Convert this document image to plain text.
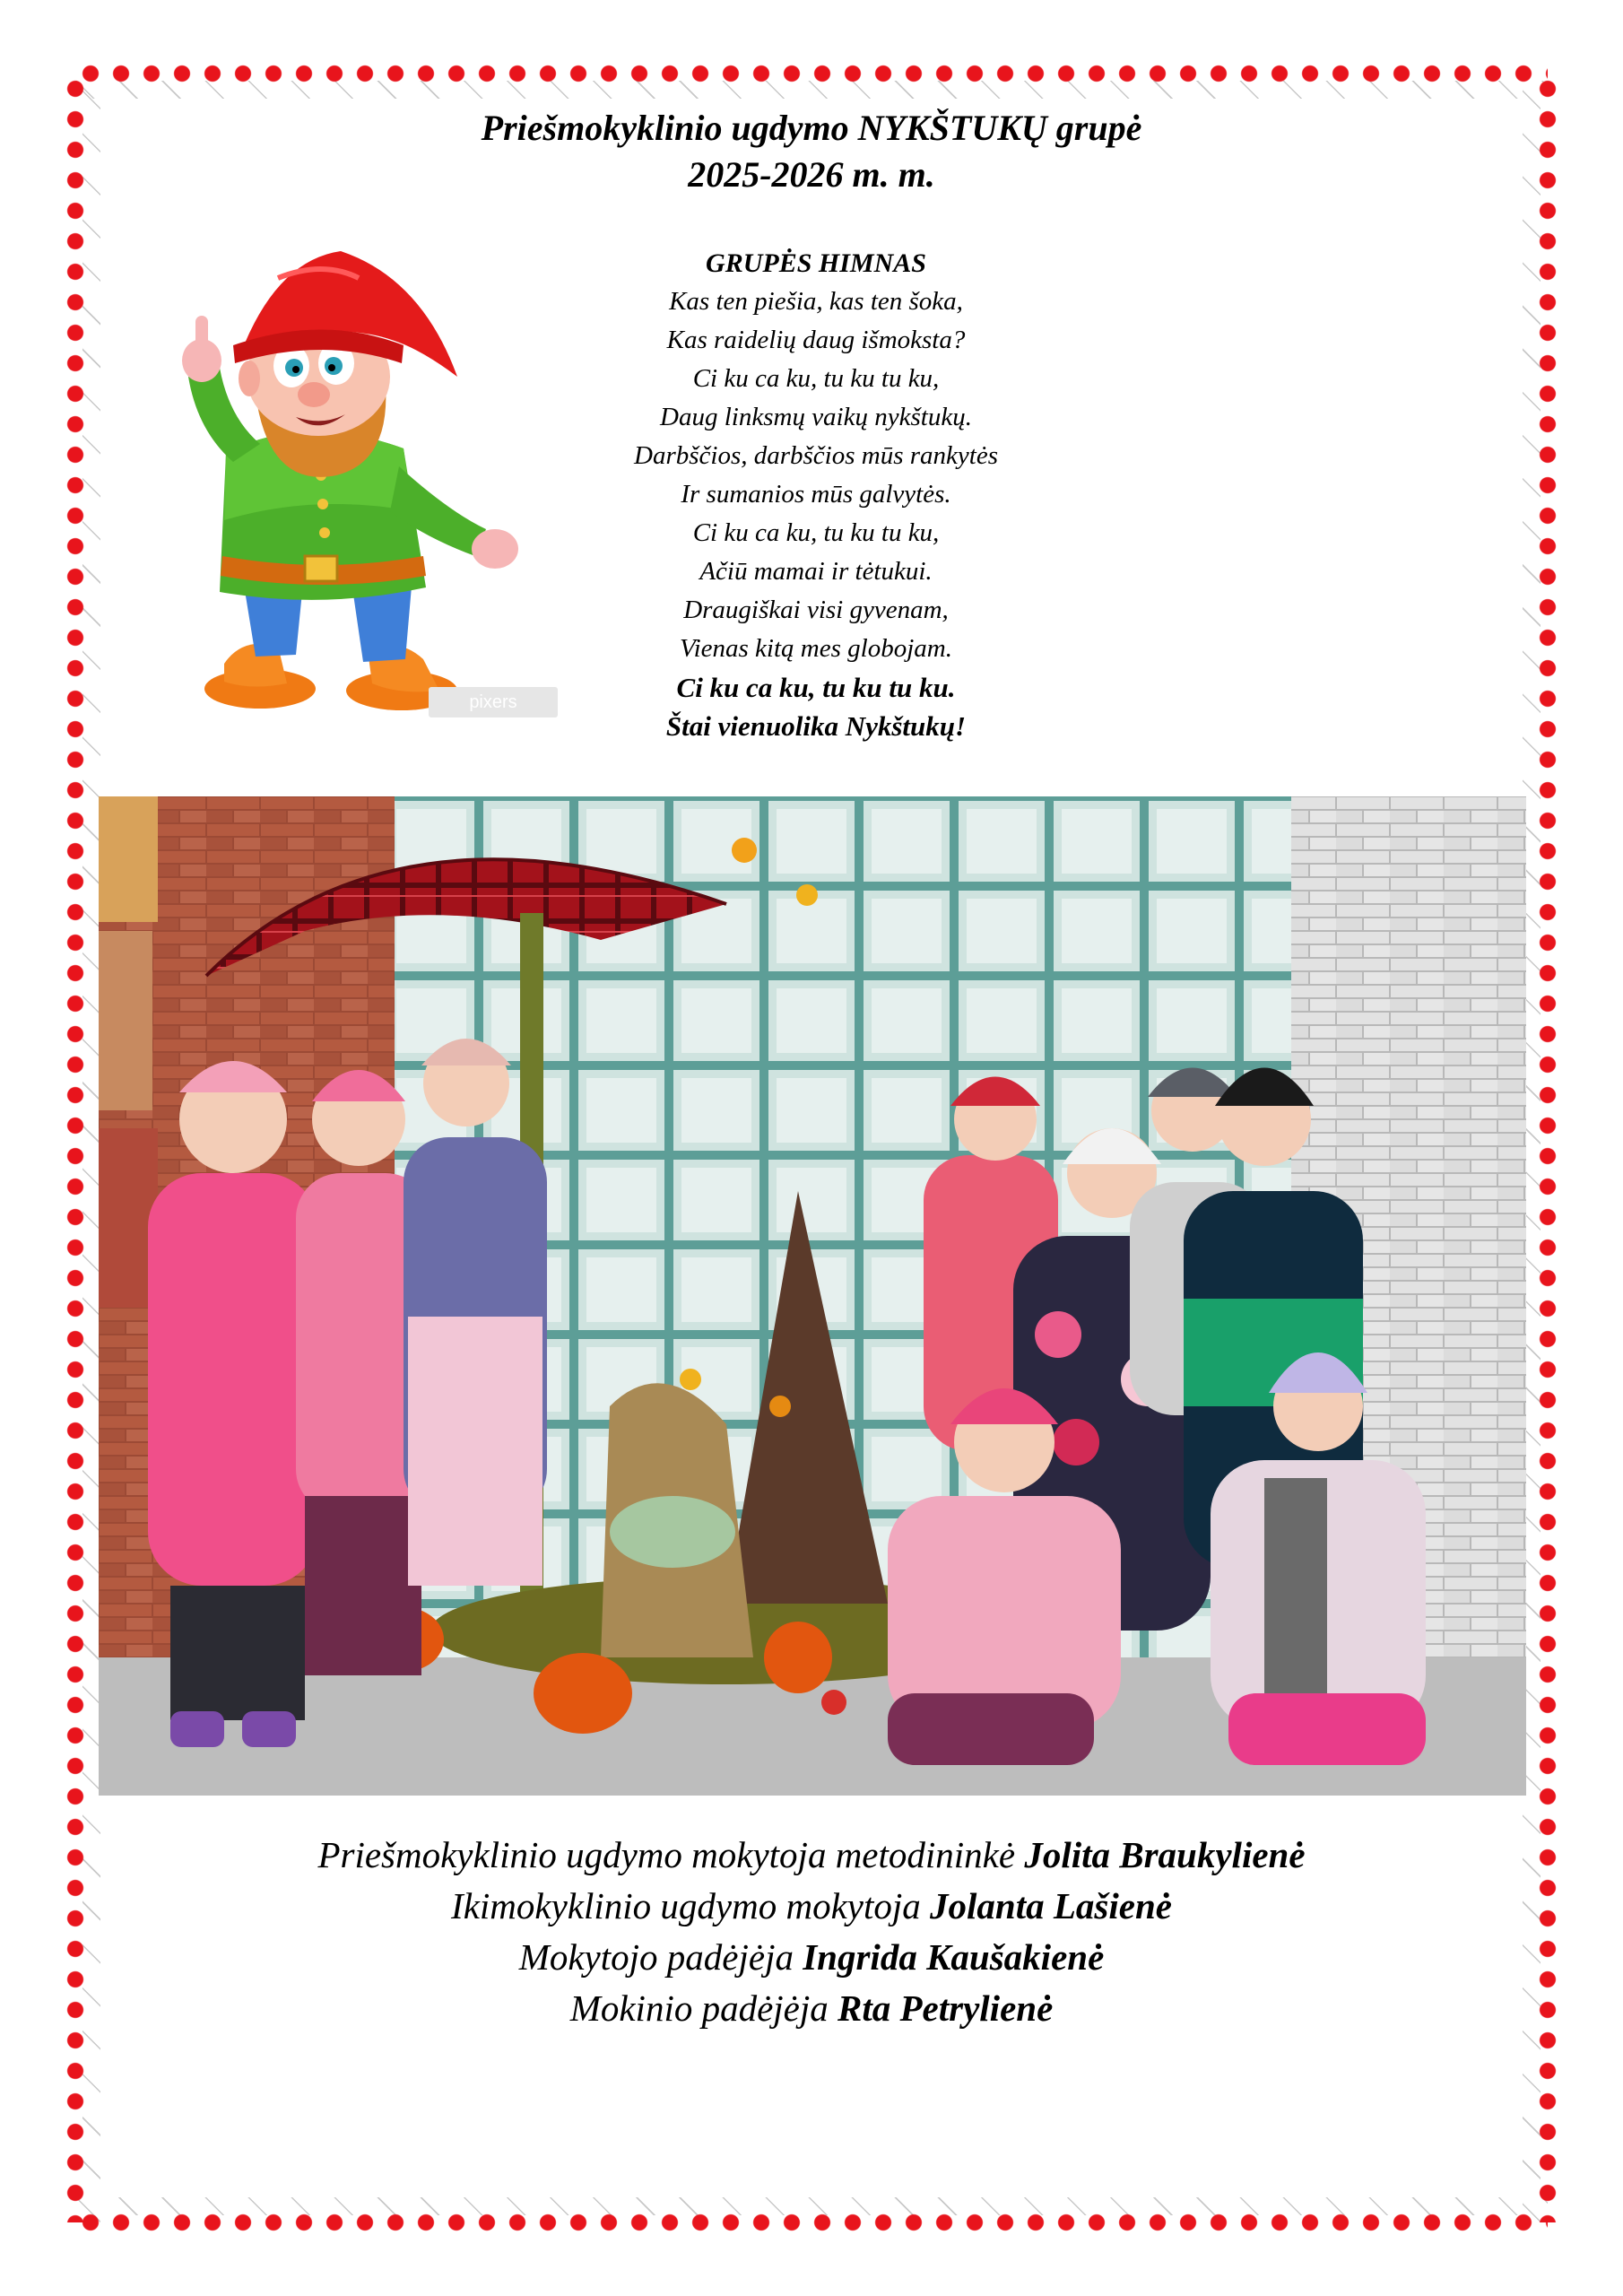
Priešmokyklinio ugdymo NYKŠTUKŲ grupė
2025-2026 m. m.
pixers
GRUPĖS HIMNAS
Kas ten piešia, kas ten šoka,
Kas raidelių daug išmoksta?
Ci ku ca ku, tu ku tu ku,
Daug linksmų vaikų nykštukų.
Darbščios, darbščios mūs rankytės
Ir sumanios mūs galvytės.
Ci ku ca ku, tu ku tu ku,
Ačiū mamai ir tėtukui.
Draugiškai visi gyvenam,
Vienas kitą mes globojam.
Ci ku ca ku, tu ku tu ku.
Štai vienuolika Nykštukų!
Priešmokyklinio ugdymo mokytoja metodininkė Jolita Braukylienė
Ikimokyklinio ugdymo mokytoja Jolanta Lašienė
Mokytojo padėjėja Ingrida Kaušakienė
Mokinio padėjėja Rta Petrylienė
